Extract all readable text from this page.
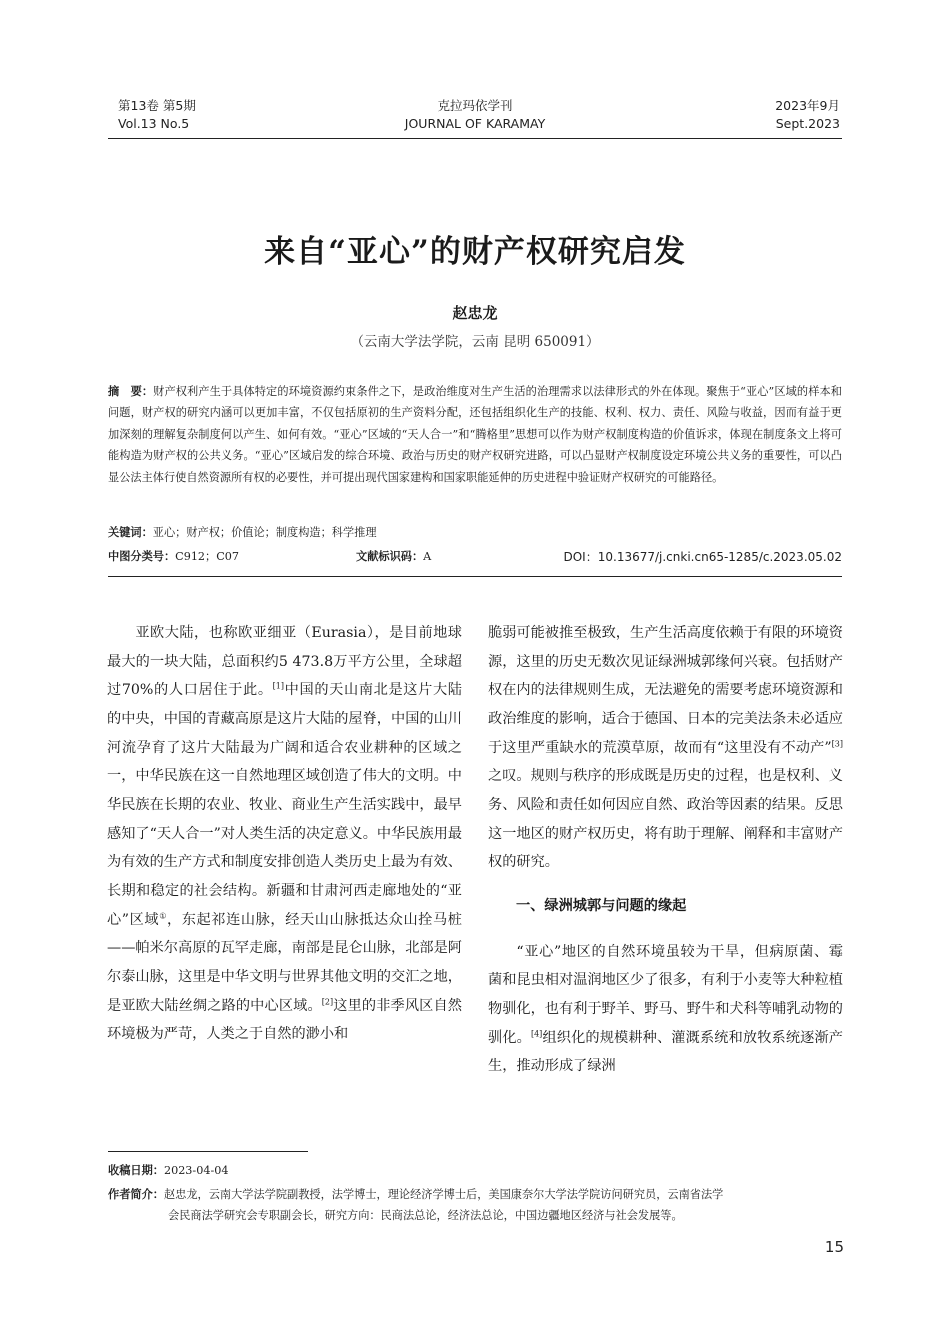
第13卷 第5期
Vol.13 No.5
克拉玛依学刊
JOURNAL OF KARAMAY
2023年9月
Sept.2023
来自“亚心”的财产权研究启发
赵忠龙
（云南大学法学院，云南 昆明 650091）
摘　要：财产权利产生于具体特定的环境资源约束条件之下，是政治维度对生产生活的治理需求以法律形式的外在体现。聚焦于“亚心”区域的样本和问题，财产权的研究内涵可以更加丰富，不仅包括原初的生产资料分配，还包括组织化生产的技能、权利、权力、责任、风险与收益，因而有益于更加深刻的理解复杂制度何以产生、如何有效。“亚心”区域的“天人合一”和“腾格里”思想可以作为财产权制度构造的价值诉求，体现在制度条文上将可能构造为财产权的公共义务。“亚心”区域启发的综合环境、政治与历史的财产权研究进路，可以凸显财产权制度设定环境公共义务的重要性，可以凸显公法主体行使自然资源所有权的必要性，并可提出现代国家建构和国家职能延伸的历史进程中验证财产权研究的可能路径。
关键词：亚心；财产权；价值论；制度构造；科学推理
中图分类号：C912；C07	文献标识码：A	DOI：10.13677/j.cnki.cn65-1285/c.2023.05.02

亚欧大陆，也称欧亚细亚（Eurasia），是目前地球最大的一块大陆，总面积约5 473.8万平方公里，全球超过70%的人口居住于此。[1]中国的天山南北是这片大陆的中央，中国的青藏高原是这片大陆的屋脊，中国的山川河流孕育了这片大陆最为广阔和适合农业耕种的区域之一，中华民族在这一自然地理区域创造了伟大的文明。中华民族在长期的农业、牧业、商业生产生活实践中，最早感知了“天人合一”对人类生活的决定意义。中华民族用最为有效的生产方式和制度安排创造人类历史上最为有效、长期和稳定的社会结构。新疆和甘肃河西走廊地处的“亚心”区域①，东起祁连山脉，经天山山脉抵达众山拴马桩——帕米尔高原的瓦罕走廊，南部是昆仑山脉，北部是阿尔泰山脉，这里是中华文明与世界其他文明的交汇之地，是亚欧大陆丝绸之路的中心区域。[2]这里的非季风区自然环境极为严苛，人类之于自然的渺小和

脆弱可能被推至极致，生产生活高度依赖于有限的环境资源，这里的历史无数次见证绿洲城郭缘何兴衰。包括财产权在内的法律规则生成，无法避免的需要考虑环境资源和政治维度的影响，适合于德国、日本的完美法条未必适应于这里严重缺水的荒漠草原，故而有“这里没有不动产”[3]之叹。规则与秩序的形成既是历史的过程，也是权利、义务、风险和责任如何因应自然、政治等因素的结果。反思这一地区的财产权历史，将有助于理解、阐释和丰富财产权的研究。

一、绿洲城郭与问题的缘起

“亚心”地区的自然环境虽较为干旱，但病原菌、霉菌和昆虫相对温润地区少了很多，有利于小麦等大种粒植物驯化，也有利于野羊、野马、野牛和犬科等哺乳动物的驯化。[4]组织化的规模耕种、灌溉系统和放牧系统逐渐产生，推动形成了绿洲

收稿日期：2023-04-04
作者简介：赵忠龙，云南大学法学院副教授，法学博士，理论经济学博士后，美国康奈尔大学法学院访问研究员，云南省法学
会民商法学研究会专职副会长，研究方向：民商法总论，经济法总论，中国边疆地区经济与社会发展等。
15
